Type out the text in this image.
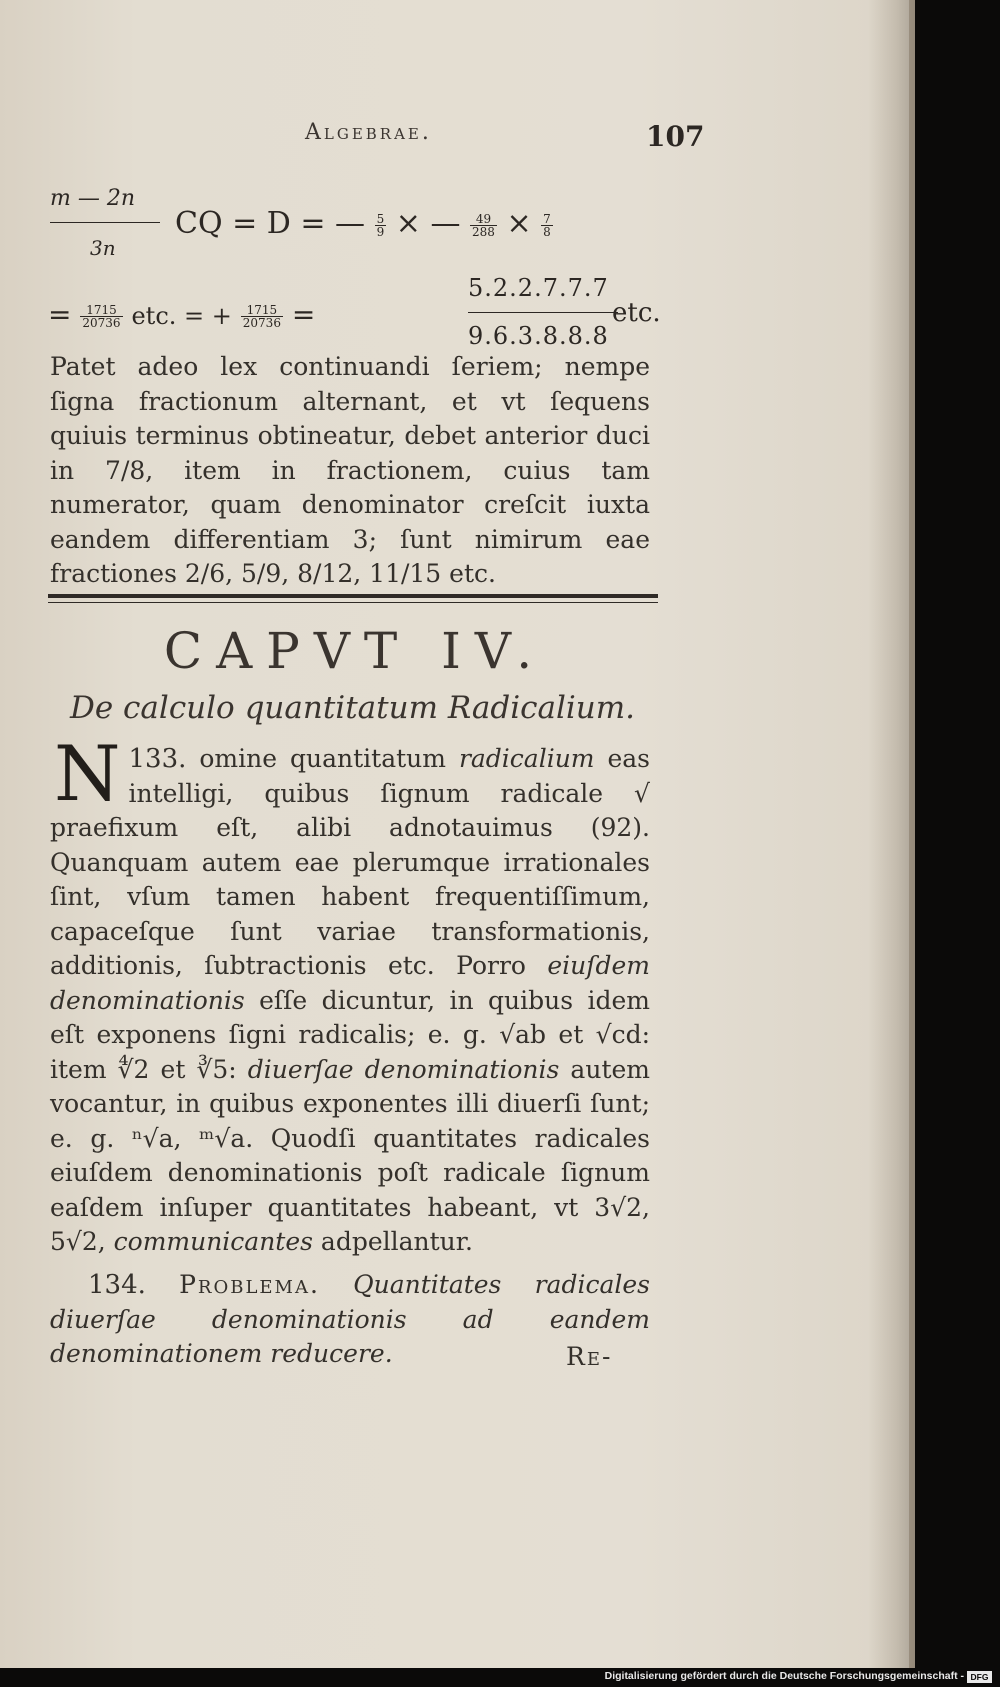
Algebrae.	107
m — 2n
3n
CQ = D = — $\frac{5}{9}$ × — $\frac{49}{288} \times \frac{7}{8}$
= $\frac{1715}{20736}$ etc. = + $\frac{1715}{20736}$ =
5.2.2.7.7.7
9.6.3.8.8.8
etc.

Patet adeo lex continuandi ſeriem; nempe ſigna fractionum alternant, et vt ſequens quiuis terminus obtineatur, debet anterior duci in 7/8, item in fractionem, cuius tam numerator, quam denominator creſcit iuxta eandem differentiam 3; ſunt nimirum eae fractiones 2/6, 5/9, 8/12, 11/15 etc.

CAPVT IV.
De calculo quantitatum Radicalium.

133.
N	omine quantitatum radicalium eas intelligi, quibus ſignum radicale √ praefixum eſt, alibi adnotauimus (92). Quanquam autem eae plerumque irrationales ſint, vſum tamen habent frequentiſſimum, capaceſque ſunt variae transformationis, additionis, ſubtractionis etc. Porro eiuſdem denominationis eſſe dicuntur, in quibus idem eſt exponens ſigni radicalis; e. g. √ab et √cd: item ∜2 et ∛5: diuerſae denominationis autem vocantur, in quibus exponentes illi diuerſi ſunt; e. g. ⁿ√a, ᵐ√a. Quodſi quantitates radicales eiuſdem denominationis poſt radicale ſignum eaſdem inſuper quantitates habeant, vt 3√2, 5√2, communicantes adpellantur.

134. Problema. Quantitates radicales diuerſae denominationis ad eandem denominationem reducere.	Re-
Digitalisierung gefördert durch die Deutsche Forschungsgemeinschaft - DFG
